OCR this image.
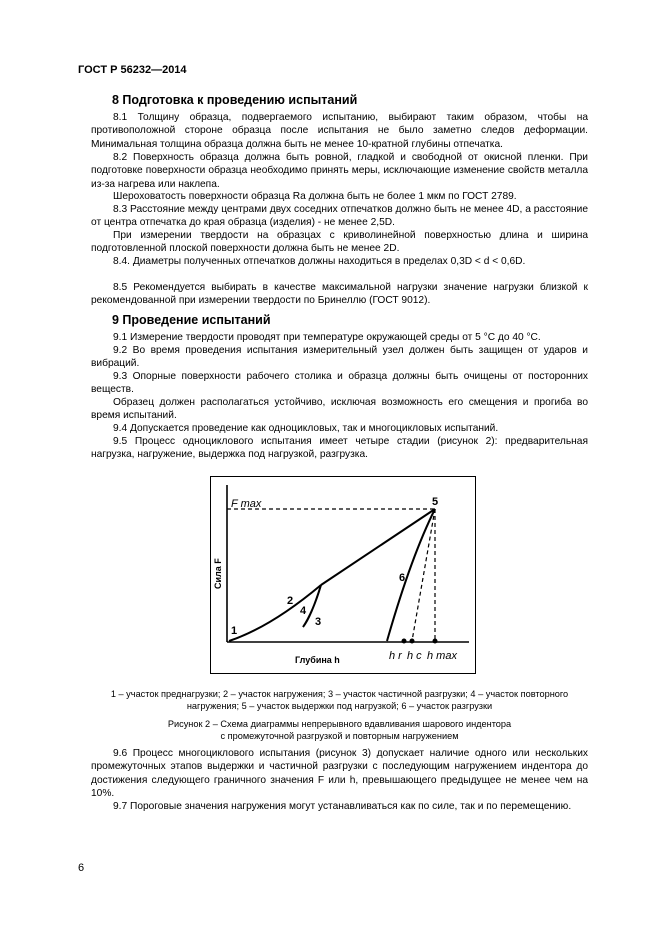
ГОСТ Р 56232—2014
8 Подготовка к проведению испытаний
8.1 Толщину образца, подвергаемого испытанию, выбирают таким образом, чтобы на противоположной стороне образца после испытания не было заметно следов деформации. Минимальная толщина образца должна быть не менее 10-кратной глубины отпечатка.
8.2 Поверхность образца должна быть ровной, гладкой и свободной от окисной пленки. При подготовке поверхности образца необходимо принять меры, исключающие изменение свойств металла из-за нагрева или наклепа.
Шероховатость поверхности образца Ra должна быть не более 1 мкм по ГОСТ 2789.
8.3 Расстояние между центрами двух соседних отпечатков должно быть не менее 4D, а расстояние от центра отпечатка до края образца (изделия) - не менее 2,5D.
При измерении твердости на образцах с криволинейной поверхностью длина и ширина подготовленной плоской поверхности должна быть не менее 2D.
8.4. Диаметры полученных отпечатков должны находиться в пределах 0,3D < d < 0,6D.
8.5 Рекомендуется выбирать в качестве максимальной нагрузки значение нагрузки близкой к рекомендованной при измерении твердости по Бринеллю (ГОСТ 9012).
9 Проведение испытаний
9.1 Измерение твердости проводят при температуре окружающей среды от 5 °С до 40 °С.
9.2 Во время проведения испытания измерительный узел должен быть защищен от ударов и вибраций.
9.3 Опорные поверхности рабочего столика и образца должны быть очищены от посторонних веществ.
Образец должен располагаться устойчиво, исключая возможность его смещения и прогиба во время испытаний.
9.4 Допускается проведение как одноцикловых, так и многоцикловых испытаний.
9.5 Процесс одноциклового испытания имеет четыре стадии (рисунок 2): предварительная нагрузка, нагружение, выдержка под нагрузкой, разгрузка.
F max
Сила F
Глубина h	h r h c h max
1
2
3
4
5
6
1 – участок преднагрузки; 2 – участок нагружения; 3 – участок частичной разгрузки; 4 – участок повторного нагружения; 5 – участок выдержки под нагрузкой; 6 – участок разгрузки
Рисунок 2 – Схема диаграммы непрерывного вдавливания шарового индентора
с промежуточной разгрузкой и повторным нагружением
9.6 Процесс многоциклового испытания (рисунок 3) допускает наличие одного или нескольких промежуточных этапов выдержки и частичной разгрузки с последующим нагружением индентора до достижения следующего граничного значения F или h, превышающего предыдущее не менее чем на 10%.
9.7 Пороговые значения нагружения могут устанавливаться как по силе, так и по перемещению.
6
